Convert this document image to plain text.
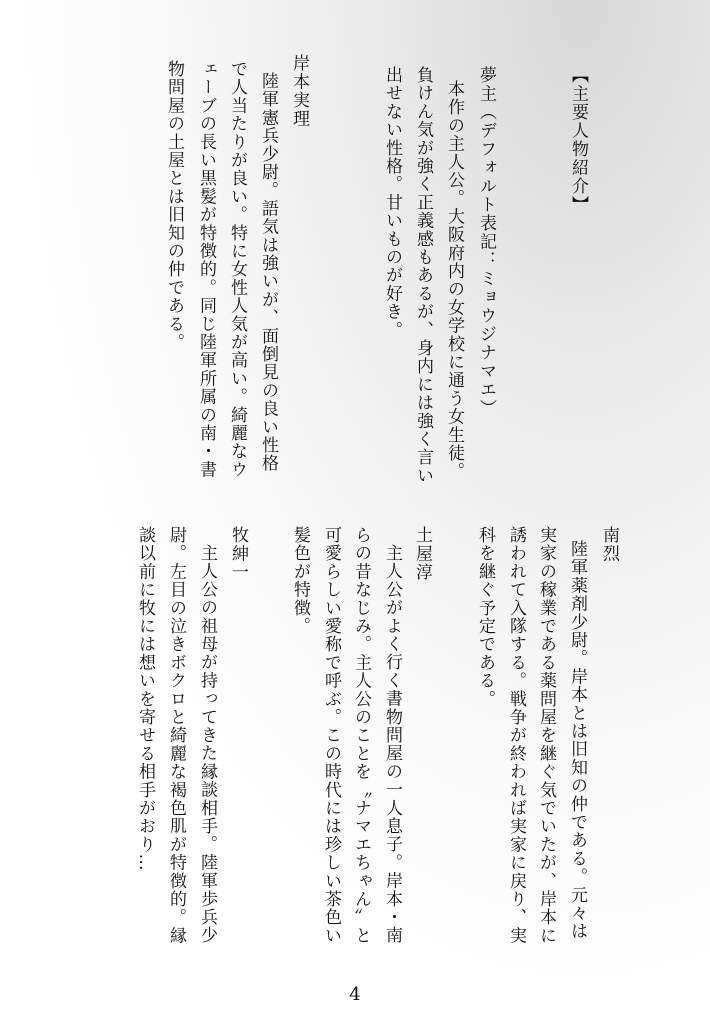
【主要人物紹介】
夢主（デフォルト表記：ミョウジナマエ）
本作の主人公。大阪府内の女学校に通う女生徒。
負けん気が強く正義感もあるが、身内には強く言い
出せない性格。甘いものが好き。
岸本実理
陸軍憲兵少尉。語気は強いが、面倒見の良い性格
で人当たりが良い。特に女性人気が高い。綺麗なウ
ェーブの長い黒髪が特徴的。同じ陸軍所属の南・書
物問屋の土屋とは旧知の仲である。
南烈
陸軍薬剤少尉。岸本とは旧知の仲である。元々は
実家の稼業である薬問屋を継ぐ気でいたが、岸本に
誘われて入隊する。戦争が終われば実家に戻り、実
科を継ぐ予定である。
土屋淳
主人公がよく行く書物問屋の一人息子。岸本・南
らの昔なじみ。主人公のことを〝ナマエちゃん〟と
可愛らしい愛称で呼ぶ。この時代には珍しい茶色い
髪色が特徴。
牧紳一
主人公の祖母が持ってきた縁談相手。陸軍歩兵少
尉。左目の泣きボクロと綺麗な褐色肌が特徴的。縁
談以前に牧には想いを寄せる相手がおり…
4
